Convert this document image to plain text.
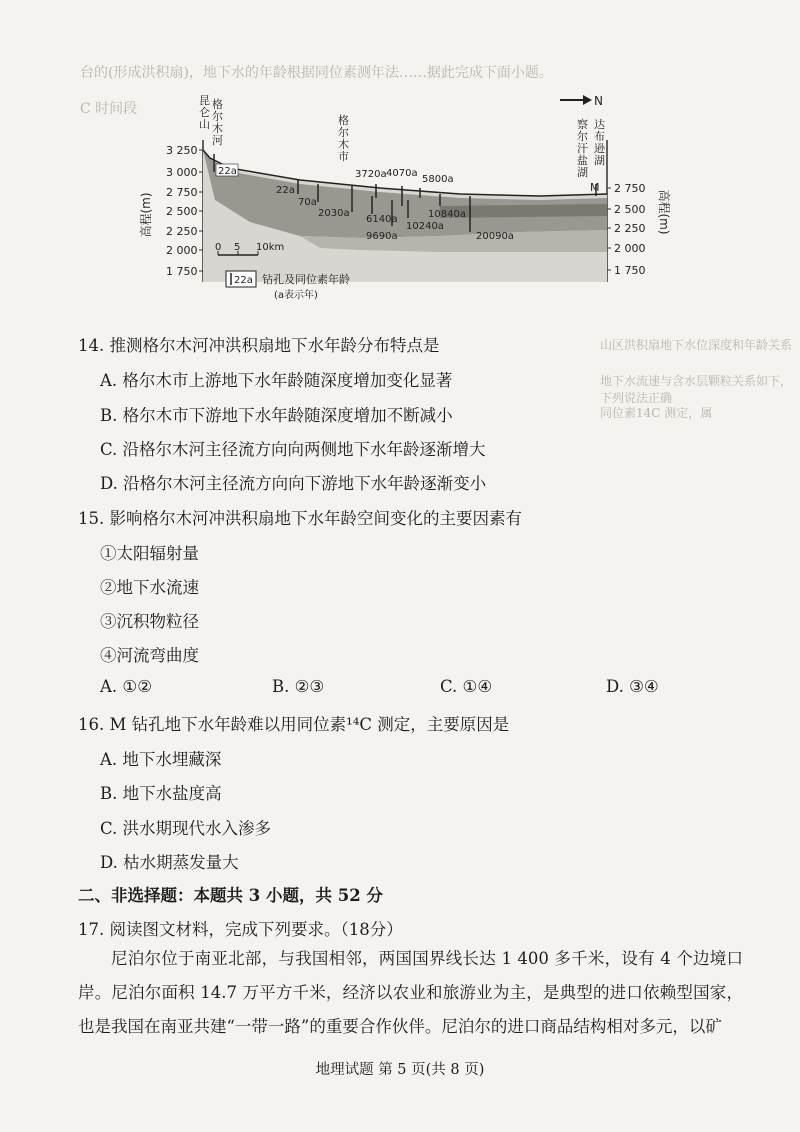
台的(形成洪积扇)，地下水的年龄根据同位素测年法……据此完成下面小题。
C 时间段
山区洪积扇地下水位深度和年龄关系
地下水流速与含水层颗粒关系如下，下列说法正确
同位素14C 测定，属
N
3 250
3 000
2 750
2 500
2 250
2 000
1 750
2 750
2 500
2 250
2 000
1 750
高程(m)	高程(m)
昆仑山
格尔木河
格尔木市
察尔汗盐湖
达布逊湖
22a
22a
70a
2030a
3720a 4070a
5800a
6140a
9690a
10240a
10840a
20090a
M
0 5 10km
22a 钻孔及同位素年龄
(a表示年)
14. 推测格尔木河冲洪积扇地下水年龄分布特点是
A. 格尔木市上游地下水年龄随深度增加变化显著
B. 格尔木市下游地下水年龄随深度增加不断减小
C. 沿格尔木河主径流方向向两侧地下水年龄逐渐增大
D. 沿格尔木河主径流方向向下游地下水年龄逐渐变小
15. 影响格尔木河冲洪积扇地下水年龄空间变化的主要因素有
①太阳辐射量
②地下水流速
③沉积物粒径
④河流弯曲度
A. ①②	B. ②③	C. ①④	D. ③④
16. M 钻孔地下水年龄难以用同位素¹⁴C 测定，主要原因是
A. 地下水埋藏深
B. 地下水盐度高
C. 洪水期现代水入渗多
D. 枯水期蒸发量大
二、非选择题：本题共 3 小题，共 52 分
17. 阅读图文材料，完成下列要求。（18分）
尼泊尔位于南亚北部，与我国相邻，两国国界线长达 1 400 多千米，设有 4 个边境口岸。尼泊尔面积 14.7 万平方千米，经济以农业和旅游业为主，是典型的进口依赖型国家，也是我国在南亚共建“一带一路”的重要合作伙伴。尼泊尔的进口商品结构相对多元，以矿
地理试题 第 5 页(共 8 页)
